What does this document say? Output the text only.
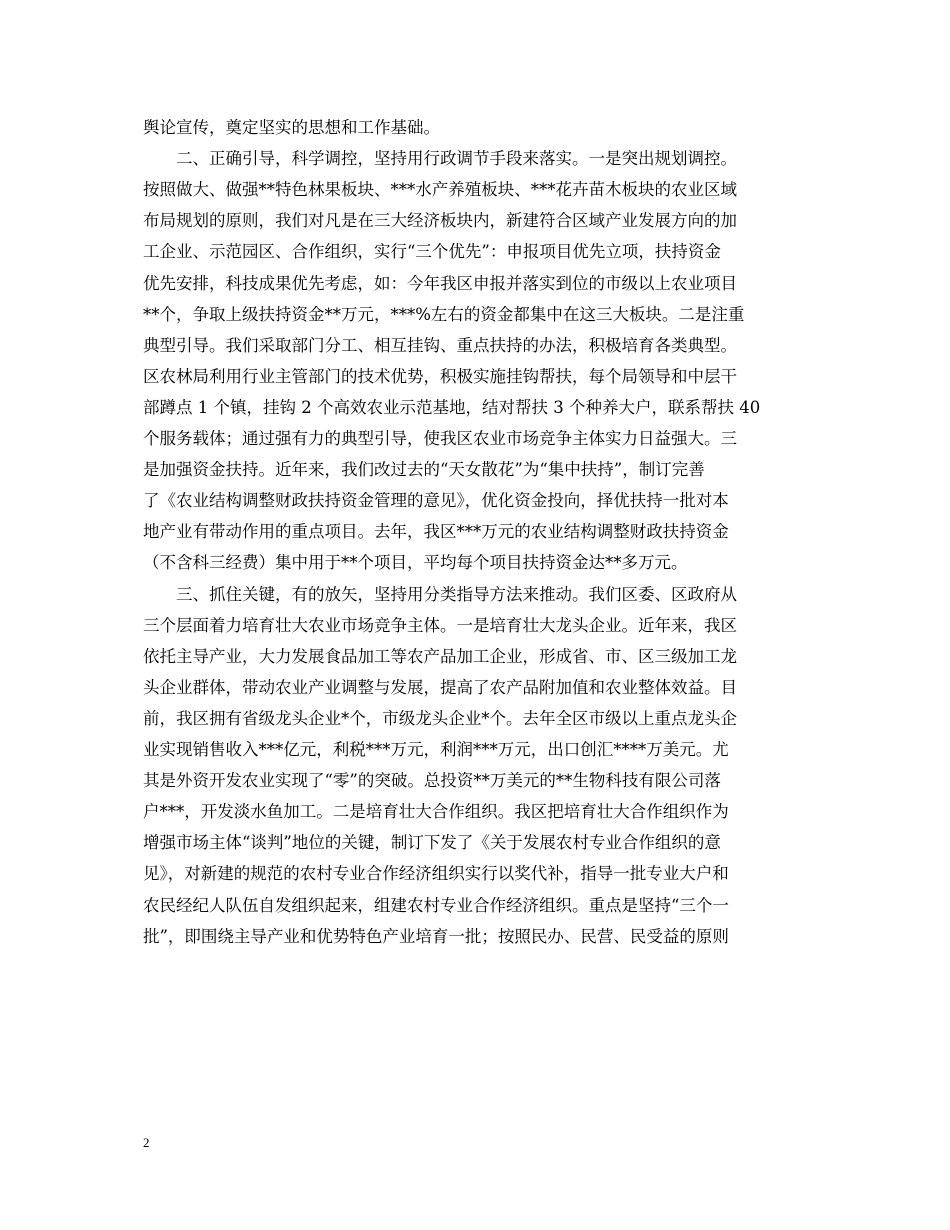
舆论宣传，奠定坚实的思想和工作基础。
　　二、正确引导，科学调控，坚持用行政调节手段来落实。一是突出规划调控。
按照做大、做强**特色林果板块、***水产养殖板块、***花卉苗木板块的农业区域
布局规划的原则，我们对凡是在三大经济板块内，新建符合区域产业发展方向的加
工企业、示范园区、合作组织，实行“三个优先”：申报项目优先立项，扶持资金
优先安排，科技成果优先考虑，如：今年我区申报并落实到位的市级以上农业项目
**个，争取上级扶持资金**万元，***%左右的资金都集中在这三大板块。二是注重
典型引导。我们采取部门分工、相互挂钩、重点扶持的办法，积极培育各类典型。
区农林局利用行业主管部门的技术优势，积极实施挂钩帮扶，每个局领导和中层干
部蹲点 1 个镇，挂钩 2 个高效农业示范基地，结对帮扶 3 个种养大户，联系帮扶 40
个服务载体；通过强有力的典型引导，使我区农业市场竞争主体实力日益强大。三
是加强资金扶持。近年来，我们改过去的“天女散花”为“集中扶持”，制订完善
了《农业结构调整财政扶持资金管理的意见》，优化资金投向，择优扶持一批对本
地产业有带动作用的重点项目。去年，我区***万元的农业结构调整财政扶持资金
（不含科三经费）集中用于**个项目，平均每个项目扶持资金达**多万元。
　　三、抓住关键，有的放矢，坚持用分类指导方法来推动。我们区委、区政府从
三个层面着力培育壮大农业市场竞争主体。一是培育壮大龙头企业。近年来，我区
依托主导产业，大力发展食品加工等农产品加工企业，形成省、市、区三级加工龙
头企业群体，带动农业产业调整与发展，提高了农产品附加值和农业整体效益。目
前，我区拥有省级龙头企业*个，市级龙头企业*个。去年全区市级以上重点龙头企
业实现销售收入***亿元，利税***万元，利润***万元，出口创汇****万美元。尤
其是外资开发农业实现了“零”的突破。总投资**万美元的**生物科技有限公司落
户***，开发淡水鱼加工。二是培育壮大合作组织。我区把培育壮大合作组织作为
增强市场主体“谈判”地位的关键，制订下发了《关于发展农村专业合作组织的意
见》，对新建的规范的农村专业合作经济组织实行以奖代补，指导一批专业大户和
农民经纪人队伍自发组织起来，组建农村专业合作经济组织。重点是坚持“三个一
批”，即围绕主导产业和优势特色产业培育一批；按照民办、民营、民受益的原则
2
